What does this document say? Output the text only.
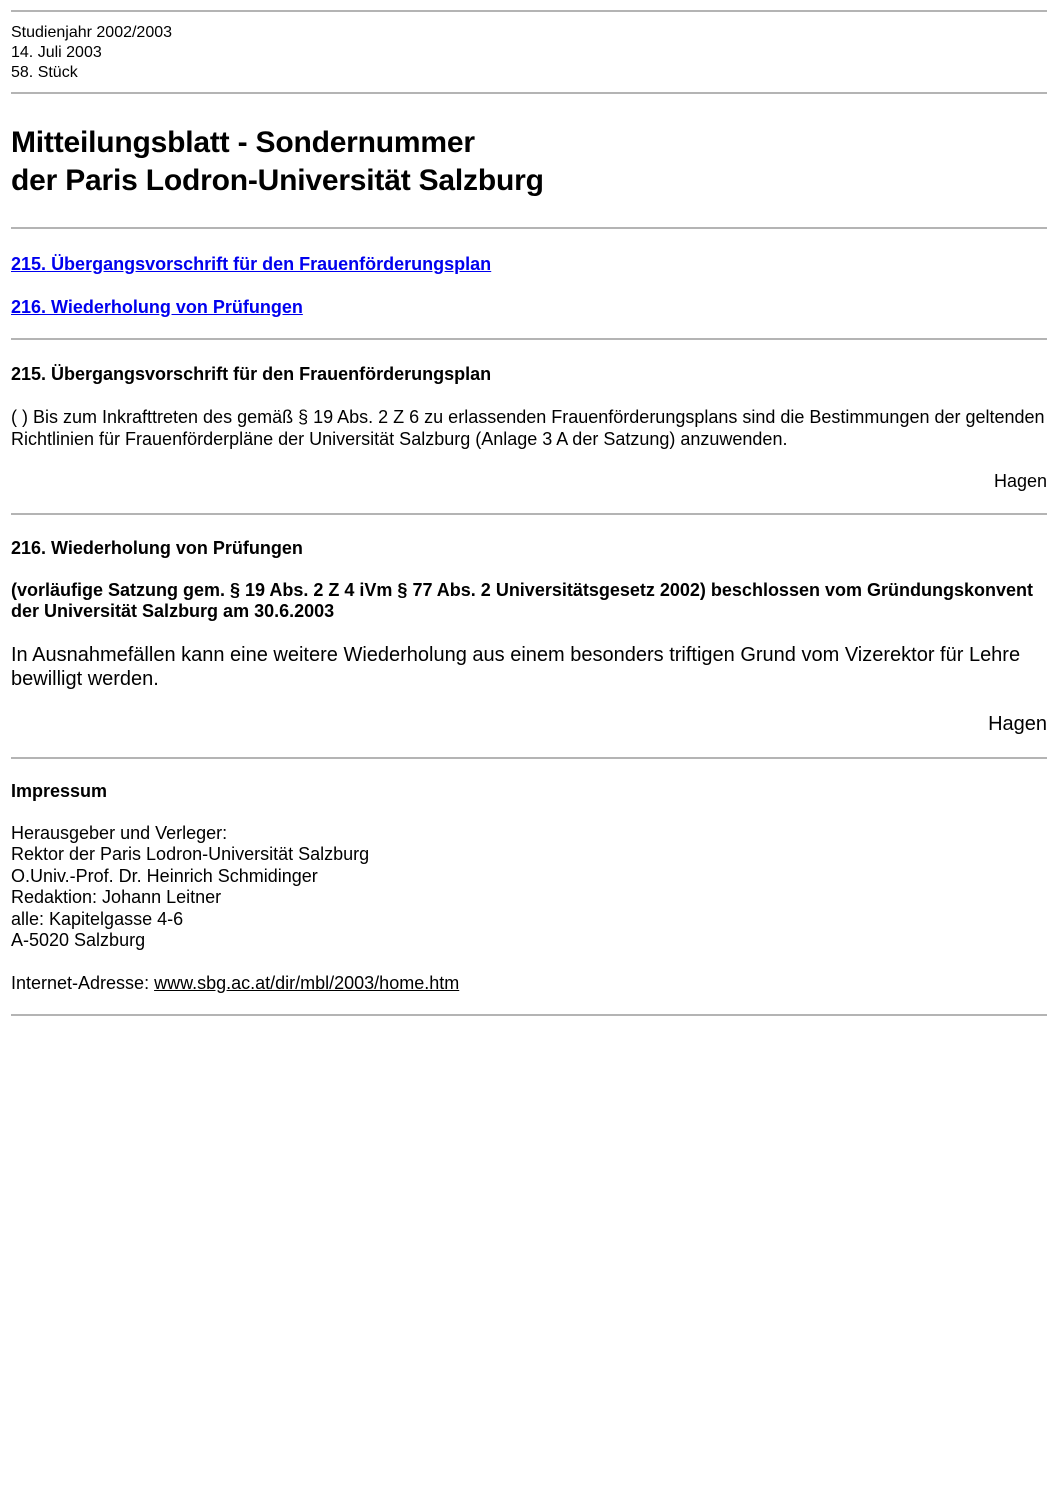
Studienjahr 2002/2003
14. Juli 2003
58. Stück
Mitteilungsblatt - Sondernummer
der Paris Lodron-Universität Salzburg
215. Übergangsvorschrift für den Frauenförderungsplan
216. Wiederholung von Prüfungen
215. Übergangsvorschrift für den Frauenförderungsplan

( ) Bis zum Inkrafttreten des gemäß § 19 Abs. 2 Z 6 zu erlassenden Frauenförderungsplans sind die Bestimmungen der geltenden Richtlinien für Frauenförderpläne der Universität Salzburg (Anlage 3 A der Satzung) anzuwenden.

Hagen
216. Wiederholung von Prüfungen

(vorläufige Satzung gem. § 19 Abs. 2 Z 4 iVm § 77 Abs. 2 Universitätsgesetz 2002) beschlossen vom Gründungskonvent der Universität Salzburg am 30.6.2003

In Ausnahmefällen kann eine weitere Wiederholung aus einem besonders triftigen Grund vom Vizerektor für Lehre bewilligt werden.

Hagen
Impressum
Herausgeber und Verleger:
Rektor der Paris Lodron-Universität Salzburg
O.Univ.-Prof. Dr. Heinrich Schmidinger
Redaktion: Johann Leitner
alle: Kapitelgasse 4-6
A-5020 Salzburg
Internet-Adresse: www.sbg.ac.at/dir/mbl/2003/home.htm
